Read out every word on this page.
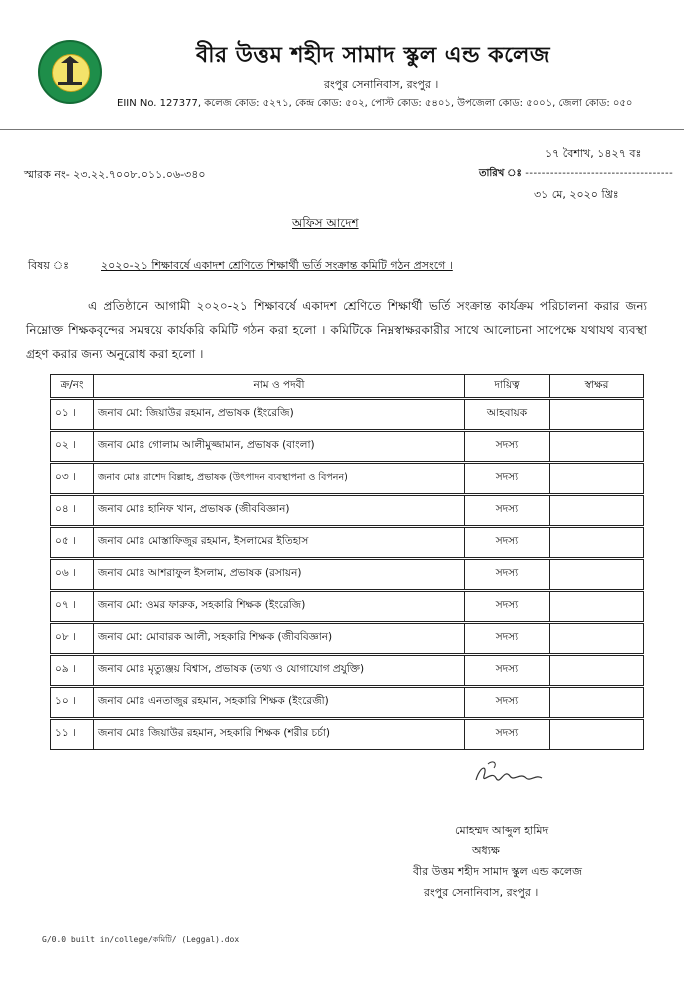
বীর উত্তম শহীদ সামাদ স্কুল এন্ড কলেজ
রংপুর সেনানিবাস, রংপুর ।
EIIN No. 127377, কলেজ কোড: ৫২৭১, কেন্দ্র কোড: ৫০২, পোস্ট কোড: ৫৪০১, উপজেলা কোড: ৫০০১, জেলা কোড: ০৫০
১৭ বৈশাখ, ১৪২৭ বঃ
স্মারক নং- ২৩.২২.৭০০৮.০১১.০৬-৩৪০	তারিখ ঃ ------------------------------------
৩১ মে, ২০২০ খ্রিঃ
অফিস আদেশ
বিষয় ঃ	২০২০-২১ শিক্ষাবর্ষে একাদশ শ্রেণিতে শিক্ষার্থী ভর্তি সংক্রান্ত কমিটি গঠন প্রসংগে ।
এ প্রতিষ্ঠানে আগামী ২০২০-২১ শিক্ষাবর্ষে একাদশ শ্রেণিতে শিক্ষার্থী ভর্তি সংক্রান্ত কার্যক্রম পরিচালনা করার জন্য নিম্নোক্ত শিক্ষকবৃন্দের সমন্বয়ে কার্যকরি কমিটি গঠন করা হলো । কমিটিকে নিম্নস্বাক্ষরকারীর সাথে আলোচনা সাপেক্ষে যথাযথ ব্যবস্থা গ্রহণ করার জন্য অনুরোধ করা হলো ।
ক্র/নং	নাম ও পদবী	দায়িত্ব	স্বাক্ষর
০১ ।	জনাব মো: জিয়াউর রহমান, প্রভাষক (ইংরেজি)	আহবায়ক	
০২ ।	জনাব মোঃ গোলাম আলীমুজ্জামান, প্রভাষক (বাংলা)	সদস্য	
০৩ ।	জনাব মোঃ রাশেদ বিল্লাহ, প্রভাষক (উৎপাদন ব্যবস্থাপনা ও বিপনন)	সদস্য	
০৪ ।	জনাব মোঃ হানিফ খান, প্রভাষক (জীববিজ্ঞান)	সদস্য	
০৫ ।	জনাব মোঃ মোস্তাফিজুর রহমান, ইসলামের ইতিহাস	সদস্য	
০৬ ।	জনাব মোঃ আশরাফুল ইসলাম, প্রভাষক (রসায়ন)	সদস্য	
০৭ ।	জনাব মো: ওমর ফারুক, সহকারি শিক্ষক (ইংরেজি)	সদস্য	
০৮ ।	জনাব মো: মোবারক আলী, সহকারি শিক্ষক (জীববিজ্ঞান)	সদস্য	
০৯ ।	জনাব মোঃ মৃত্যুঞ্জয় বিশ্বাস, প্রভাষক (তথ্য ও যোগাযোগ প্রযুক্তি)	সদস্য	
১০ ।	জনাব মোঃ এনতাজুর রহমান, সহকারি শিক্ষক (ইংরেজী)	সদস্য	
১১ ।	জনাব মোঃ জিয়াউর রহমান, সহকারি শিক্ষক (শরীর চর্চা)	সদস্য	
মোহম্মদ আব্দুল হামিদ
অধ্যক্ষ
বীর উত্তম শহীদ সামাদ স্কুল এন্ড কলেজ
রংপুর সেনানিবাস, রংপুর ।
G/0.0 built in/college/কমিটি/ (Leggal).dox
